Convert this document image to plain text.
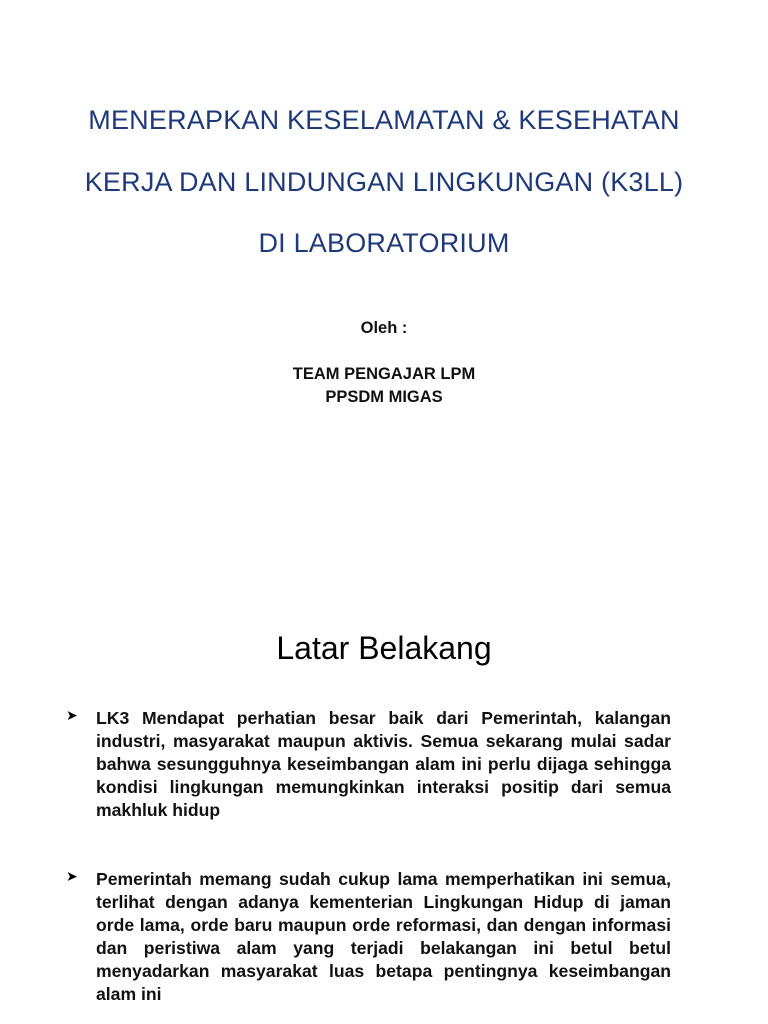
MENERAPKAN KESELAMATAN & KESEHATAN
KERJA DAN LINDUNGAN LINGKUNGAN (K3LL)
DI LABORATORIUM
Oleh :
TEAM PENGAJAR LPM
PPSDM MIGAS
Latar Belakang
➤ LK3 Mendapat perhatian besar baik dari Pemerintah, kalangan industri, masyarakat maupun aktivis. Semua sekarang mulai sadar bahwa sesungguhnya keseimbangan alam ini perlu dijaga sehingga kondisi lingkungan memungkinkan interaksi positip dari semua makhluk hidup
➤ Pemerintah memang sudah cukup lama memperhatikan ini semua, terlihat dengan adanya kementerian Lingkungan Hidup di jaman orde lama, orde baru maupun orde reformasi, dan dengan informasi dan peristiwa alam yang terjadi belakangan ini betul betul menyadarkan masyarakat luas betapa pentingnya keseimbangan alam ini
